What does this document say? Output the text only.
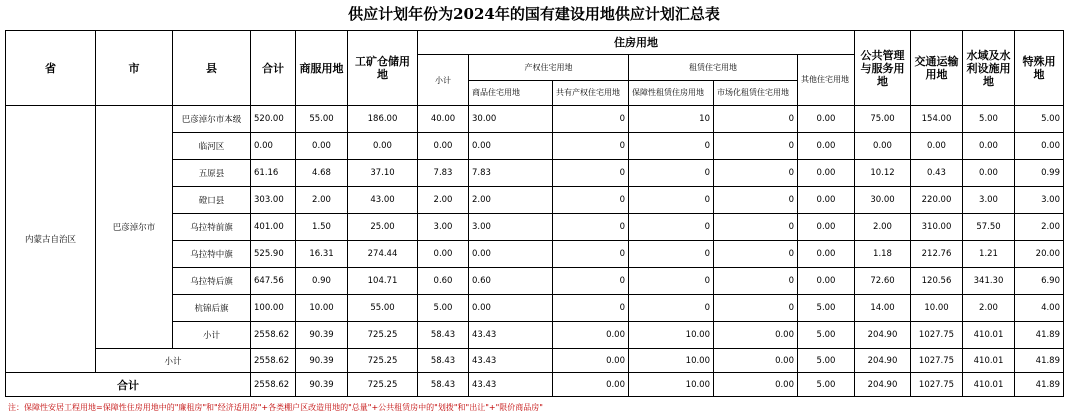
供应计划年份为2024年的国有建设用地供应计划汇总表
省	市	县	合计	商服用地	工矿仓储用地	住房用地						公共管理与服务用地	交通运输用地	水域及水利设施用地	特殊用地
						小计	产权住宅用地		租赁住宅用地		其他住宅用地				
							商品住宅用地	共有产权住宅用地	保障性租赁住房用地	市场化租赁住宅用地					
内蒙古自治区	巴彦淖尔市	巴彦淖尔市本级	520.00	55.00	186.00	40.00	30.00	0	10	0	0.00	75.00	154.00	5.00	5.00
		临河区	0.00	0.00	0.00	0.00	0.00	0	0	0	0.00	0.00	0.00	0.00	0.00
		五原县	61.16	4.68	37.10	7.83	7.83	0	0	0	0.00	10.12	0.43	0.00	0.99
		磴口县	303.00	2.00	43.00	2.00	2.00	0	0	0	0.00	30.00	220.00	3.00	3.00
		乌拉特前旗	401.00	1.50	25.00	3.00	3.00	0	0	0	0.00	2.00	310.00	57.50	2.00
		乌拉特中旗	525.90	16.31	274.44	0.00	0.00	0	0	0	0.00	1.18	212.76	1.21	20.00
		乌拉特后旗	647.56	0.90	104.71	0.60	0.60	0	0	0	0.00	72.60	120.56	341.30	6.90
		杭锦后旗	100.00	10.00	55.00	5.00	0.00	0	0	0	5.00	14.00	10.00	2.00	4.00
		小计	2558.62	90.39	725.25	58.43	43.43	0.00	10.00	0.00	5.00	204.90	1027.75	410.01	41.89
	小计		2558.62	90.39	725.25	58.43	43.43	0.00	10.00	0.00	5.00	204.90	1027.75	410.01	41.89
合计			2558.62	90.39	725.25	58.43	43.43	0.00	10.00	0.00	5.00	204.90	1027.75	410.01	41.89
注：保障性安居工程用地=保障性住房用地中的"廉租房"和"经济适用房"+各类棚户区改造用地的"总量"+公共租赁房中的"划拨"和"出让"+"限价商品房"
